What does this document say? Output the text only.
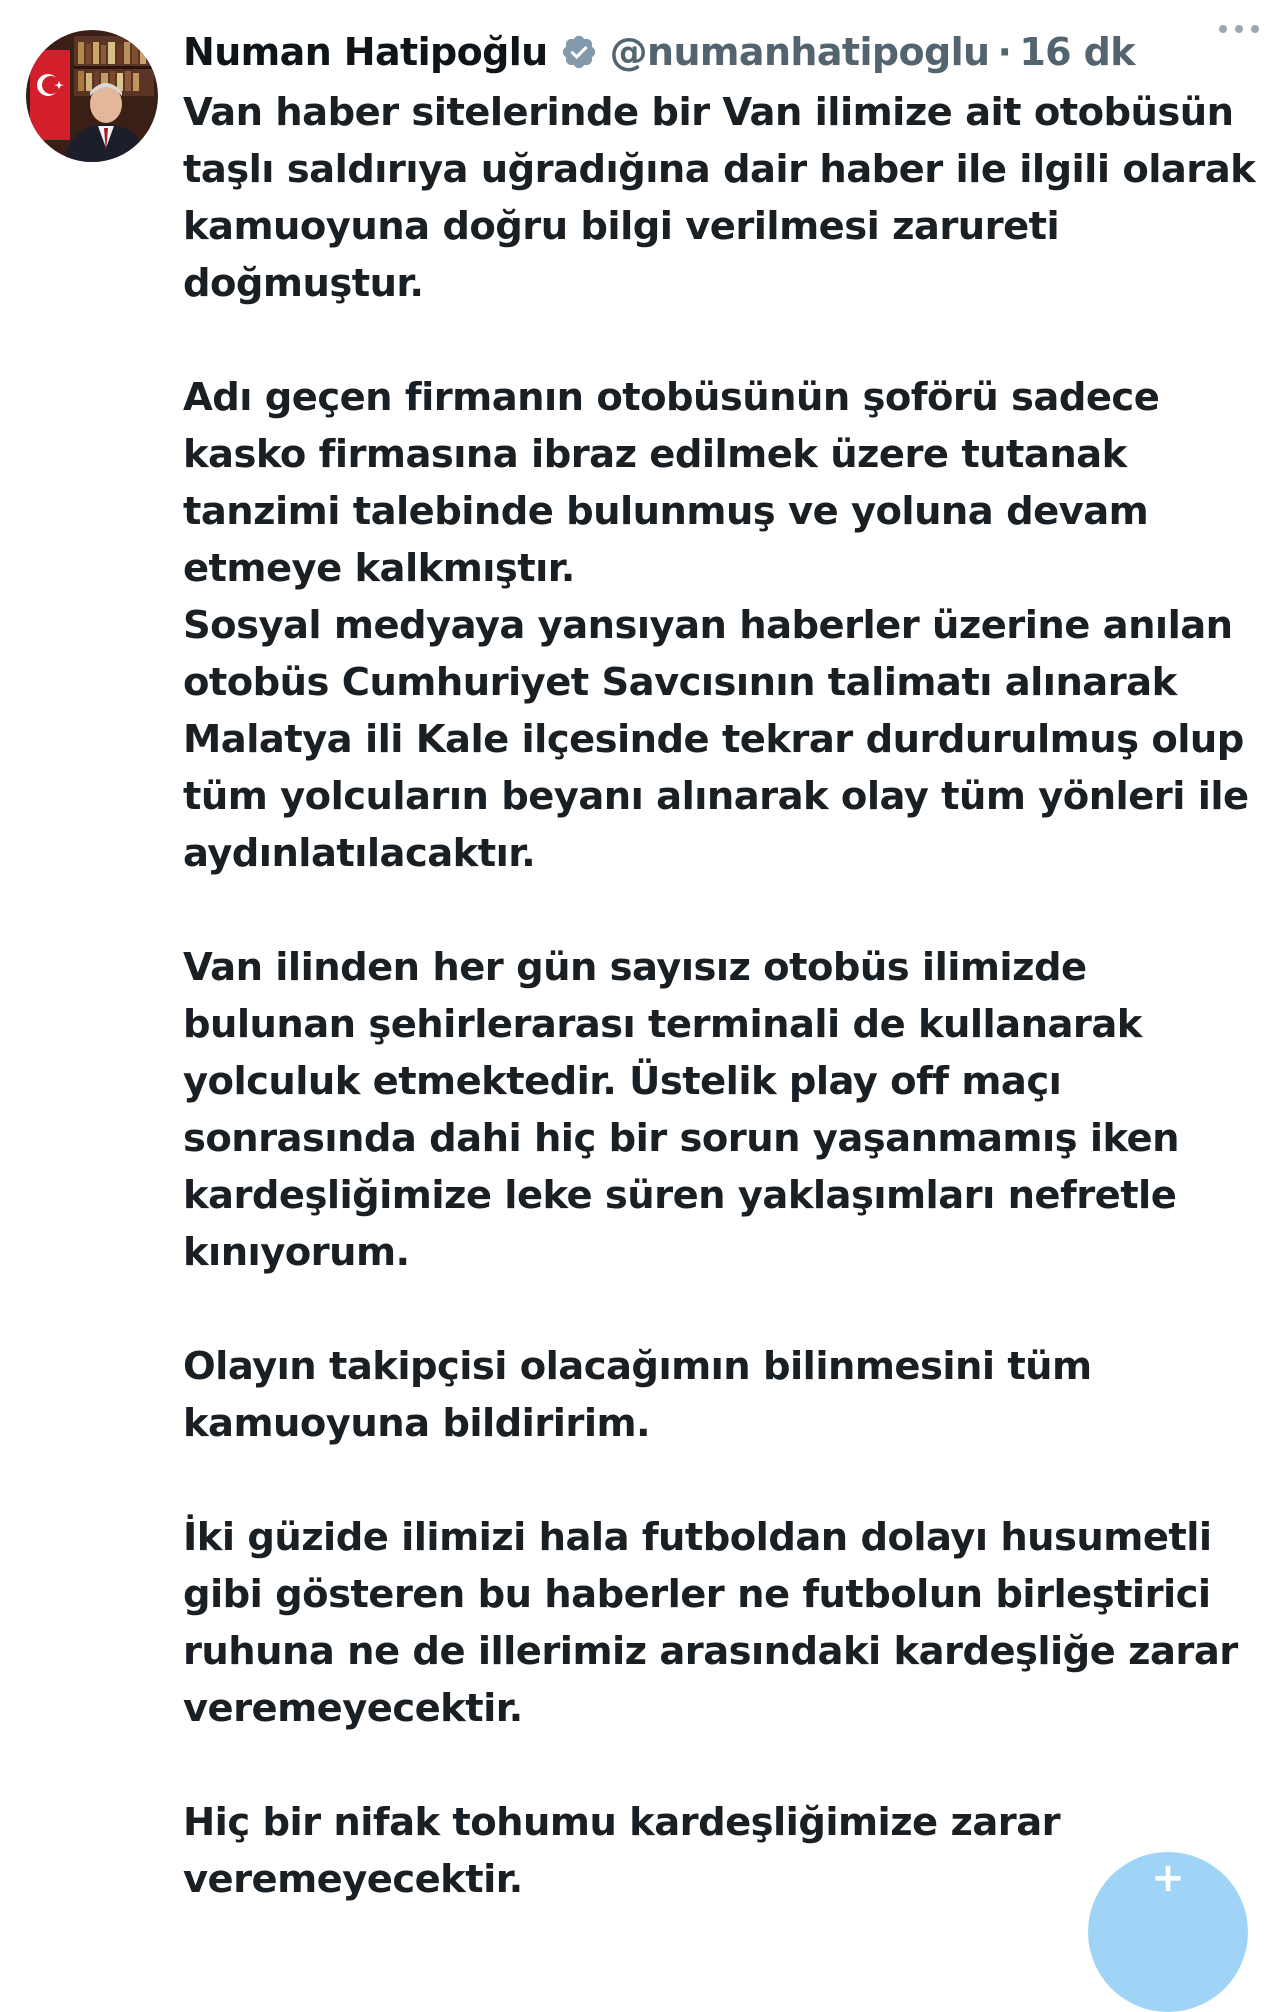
Numan Hatipoğlu @numanhatipoglu · 16 dk

Van haber sitelerinde bir Van ilimize ait otobüsün
taşlı saldırıya uğradığına dair haber ile ilgili olarak
kamuoyuna doğru bilgi verilmesi zarureti
doğmuştur.

Adı geçen firmanın otobüsünün şoförü sadece
kasko firmasına ibraz edilmek üzere tutanak
tanzimi talebinde bulunmuş ve yoluna devam
etmeye kalkmıştır.
Sosyal medyaya yansıyan haberler üzerine anılan
otobüs Cumhuriyet Savcısının talimatı alınarak
Malatya ili Kale ilçesinde tekrar durdurulmuş olup
tüm yolcuların beyanı alınarak olay tüm yönleri ile
aydınlatılacaktır.

Van ilinden her gün sayısız otobüs ilimizde
bulunan şehirlerarası terminali de kullanarak
yolculuk etmektedir. Üstelik play off maçı
sonrasında dahi hiç bir sorun yaşanmamış iken
kardeşliğimize leke süren yaklaşımları nefretle
kınıyorum.

Olayın takipçisi olacağımın bilinmesini tüm
kamuoyuna bildiririm.

İki güzide ilimizi hala futboldan dolayı husumetli
gibi gösteren bu haberler ne futbolun birleştirici
ruhuna ne de illerimiz arasındaki kardeşliğe zarar
veremeyecektir.

Hiç bir nifak tohumu kardeşliğimize zarar
veremeyecektir.	+
